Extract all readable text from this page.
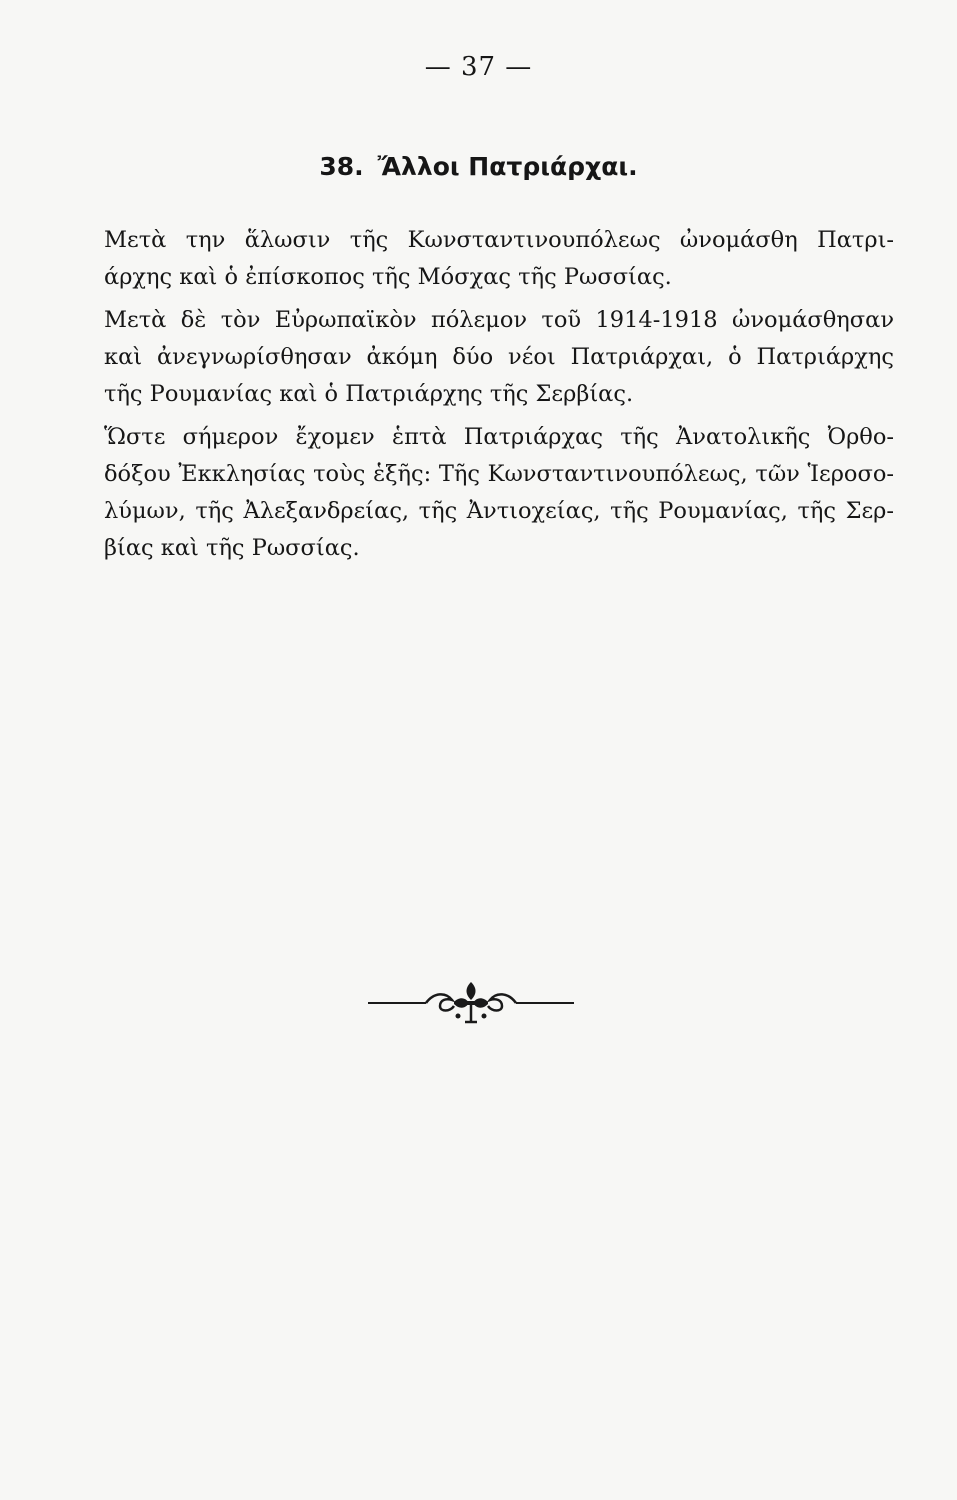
— 37 —
38. Ἄλλοι Πατριάρχαι.
Μετὰ την ἅλωσιν τῆς Κωνσταντινουπόλεως ὠνομάσθη Πατρι-
άρχης καὶ ὁ ἐπίσκοπος τῆς Μόσχας τῆς Ρωσσίας.
Μετὰ δὲ τὸν Εὐρωπαϊκὸν πόλεμον τοῦ 1914-1918 ὠνομάσθησαν
καὶ ἀνεγνωρίσθησαν ἀκόμη δύο νέοι Πατριάρχαι, ὁ Πατριάρχης
τῆς Ρουμανίας καὶ ὁ Πατριάρχης τῆς Σερβίας.
Ὥστε σήμερον ἔχομεν ἑπτὰ Πατριάρχας τῆς Ἀνατολικῆς Ὀρθο-
δόξου Ἐκκλησίας τοὺς ἑξῆς: Τῆς Κωνσταντινουπόλεως, τῶν Ἱεροσο-
λύμων, τῆς Ἀλεξανδρείας, τῆς Ἀντιοχείας, τῆς Ρουμανίας, τῆς Σερ-
βίας καὶ τῆς Ρωσσίας.
